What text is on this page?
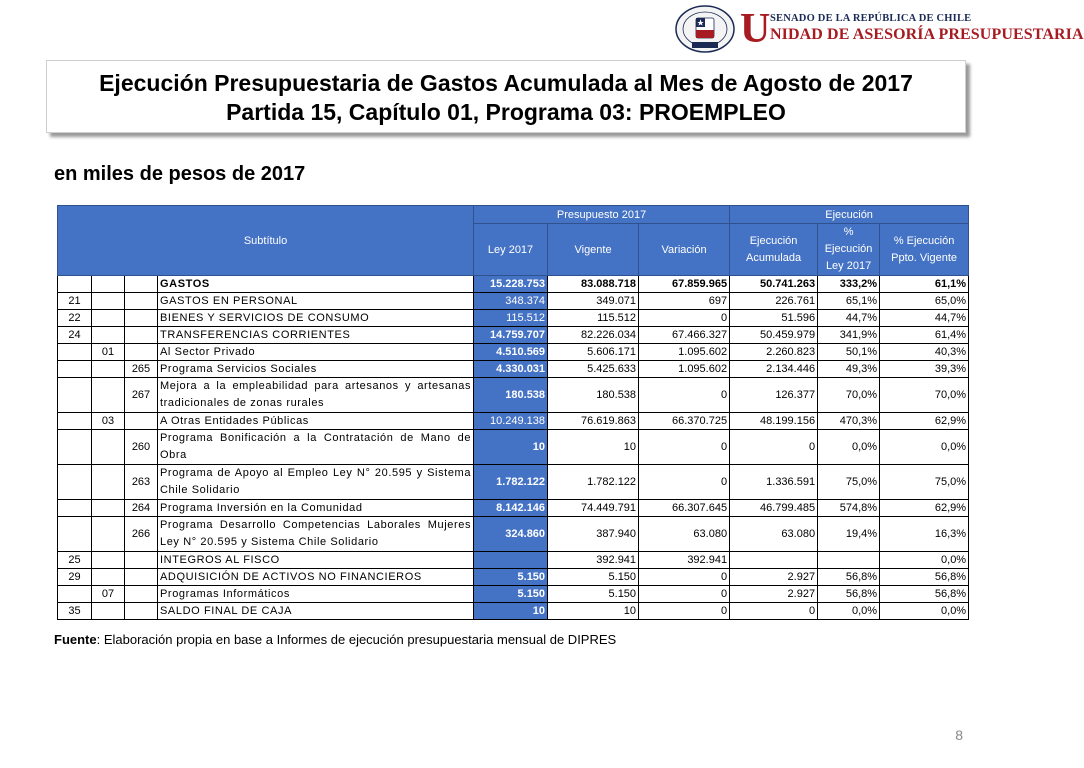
U SENADO DE LA REPÚBLICA DE CHILE
NIDAD DE ASESORÍA PRESUPUESTARIA
Ejecución Presupuestaria de Gastos Acumulada al Mes de Agosto de 2017
Partida 15, Capítulo 01, Programa 03: PROEMPLEO
en miles de pesos de 2017
Subtítulo				Presupuesto 2017			Ejecución		
				Ley 2017	Vigente	Variación	Ejecución Acumulada	% Ejecución Ley 2017	% Ejecución Ppto. Vigente
			GASTOS	15.228.753	83.088.718	67.859.965	50.741.263	333,2%	61,1%
21			GASTOS EN PERSONAL	348.374	349.071	697	226.761	65,1%	65,0%
22			BIENES Y SERVICIOS DE CONSUMO	115.512	115.512	0	51.596	44,7%	44,7%
24			TRANSFERENCIAS CORRIENTES	14.759.707	82.226.034	67.466.327	50.459.979	341,9%	61,4%
	01		Al Sector Privado	4.510.569	5.606.171	1.095.602	2.260.823	50,1%	40,3%
		265	Programa Servicios Sociales	4.330.031	5.425.633	1.095.602	2.134.446	49,3%	39,3%
		267	Mejora a la empleabilidad para artesanos y artesanas tradicionales de zonas rurales	180.538	180.538	0	126.377	70,0%	70,0%
	03		A Otras Entidades Públicas	10.249.138	76.619.863	66.370.725	48.199.156	470,3%	62,9%
		260	Programa Bonificación a la Contratación de Mano de Obra	10	10	0	0	0,0%	0,0%
		263	Programa de Apoyo al Empleo Ley N° 20.595 y Sistema Chile Solidario	1.782.122	1.782.122	0	1.336.591	75,0%	75,0%
		264	Programa Inversión en la Comunidad	8.142.146	74.449.791	66.307.645	46.799.485	574,8%	62,9%
		266	Programa Desarrollo Competencias Laborales Mujeres Ley N° 20.595 y Sistema Chile Solidario	324.860	387.940	63.080	63.080	19,4%	16,3%
25			INTEGROS AL FISCO		392.941	392.941			0,0%
29			ADQUISICIÓN DE ACTIVOS NO FINANCIEROS	5.150	5.150	0	2.927	56,8%	56,8%
	07		Programas Informáticos	5.150	5.150	0	2.927	56,8%	56,8%
35			SALDO FINAL DE CAJA	10	10	0	0	0,0%	0,0%
Fuente: Elaboración propia en base a Informes de ejecución presupuestaria mensual de DIPRES
8
